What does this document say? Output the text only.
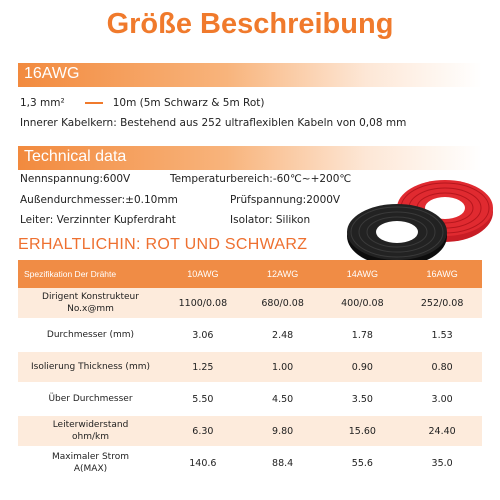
Größe Beschreibung
16AWG
1,3 mm²	10m (5m Schwarz & 5m Rot)
Innerer Kabelkern: Bestehend aus 252 ultraflexiblen Kabeln von 0,08 mm
Technical data
Nennspannung:600V	Temperaturbereich:-60℃~+200℃
Außendurchmesser:±0.10mm	Prüfspannung:2000V
Leiter: Verzinnter Kupferdraht	Isolator: Silikon
ERHALTLICHIN: ROT UND SCHWARZ
Spezifikation Der Drähte	10AWG	12AWG	14AWG	16AWG
Dirigent Konstrukteur
No.x@mm
1100/0.08	680/0.08	400/0.08	252/0.08
Durchmesser (mm)	3.06	2.48	1.78	1.53
Isolierung Thickness (mm)	1.25	1.00	0.90	0.80
Über Durchmesser	5.50	4.50	3.50	3.00
Leiterwiderstand
ohm/km
6.30	9.80	15.60	24.40
Maximaler Strom
A(MAX)
140.6	88.4	55.6	35.0
